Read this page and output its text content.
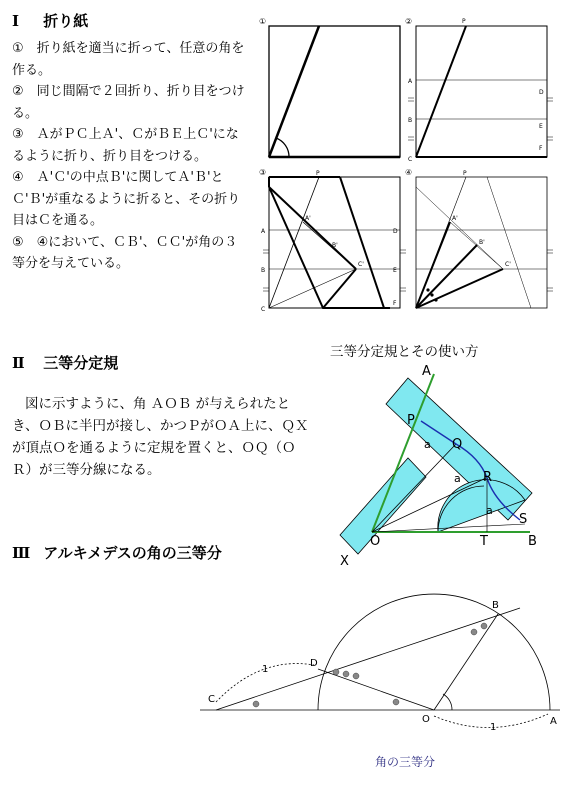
Ⅰ 折り紙
①　折り紙を適当に折って、任意の角を作る。
②　同じ間隔で２回折り、折り目をつける。
③　ＡがＰＣ上Ａ'、ＣがＢＥ上Ｃ'になるように折り、折り目をつける。
④　Ａ'Ｃ'の中点Ｂ'に関してＡ'Ｂ'とＣ'Ｂ'が重なるように折ると、その折り目はＣを通る。
⑤　④において、ＣＢ'、ＣＣ'が角の３等分を与えている。
①	②	P
A
B
C
D
E
F
③	P
A'
B'
C'
A
B
C
D
E
F
④	P
A'
B'
C'
Ⅱ 三等分定規
図に示すように、角 ＡＯＢ が与えられたとき、ＯＢに半円が接し、かつＰがＯＡ上に、ＱＸが頂点Ｏを通るように定規を置くと、ＯＱ（ＯＲ）が三等分線になる。
三等分定規とその使い方
A
P
Q
R
S
T
O	B
X
a
a
a
Ⅲ アルキメデスの角の三等分
C
D
B
O	A
1
1
角の三等分
